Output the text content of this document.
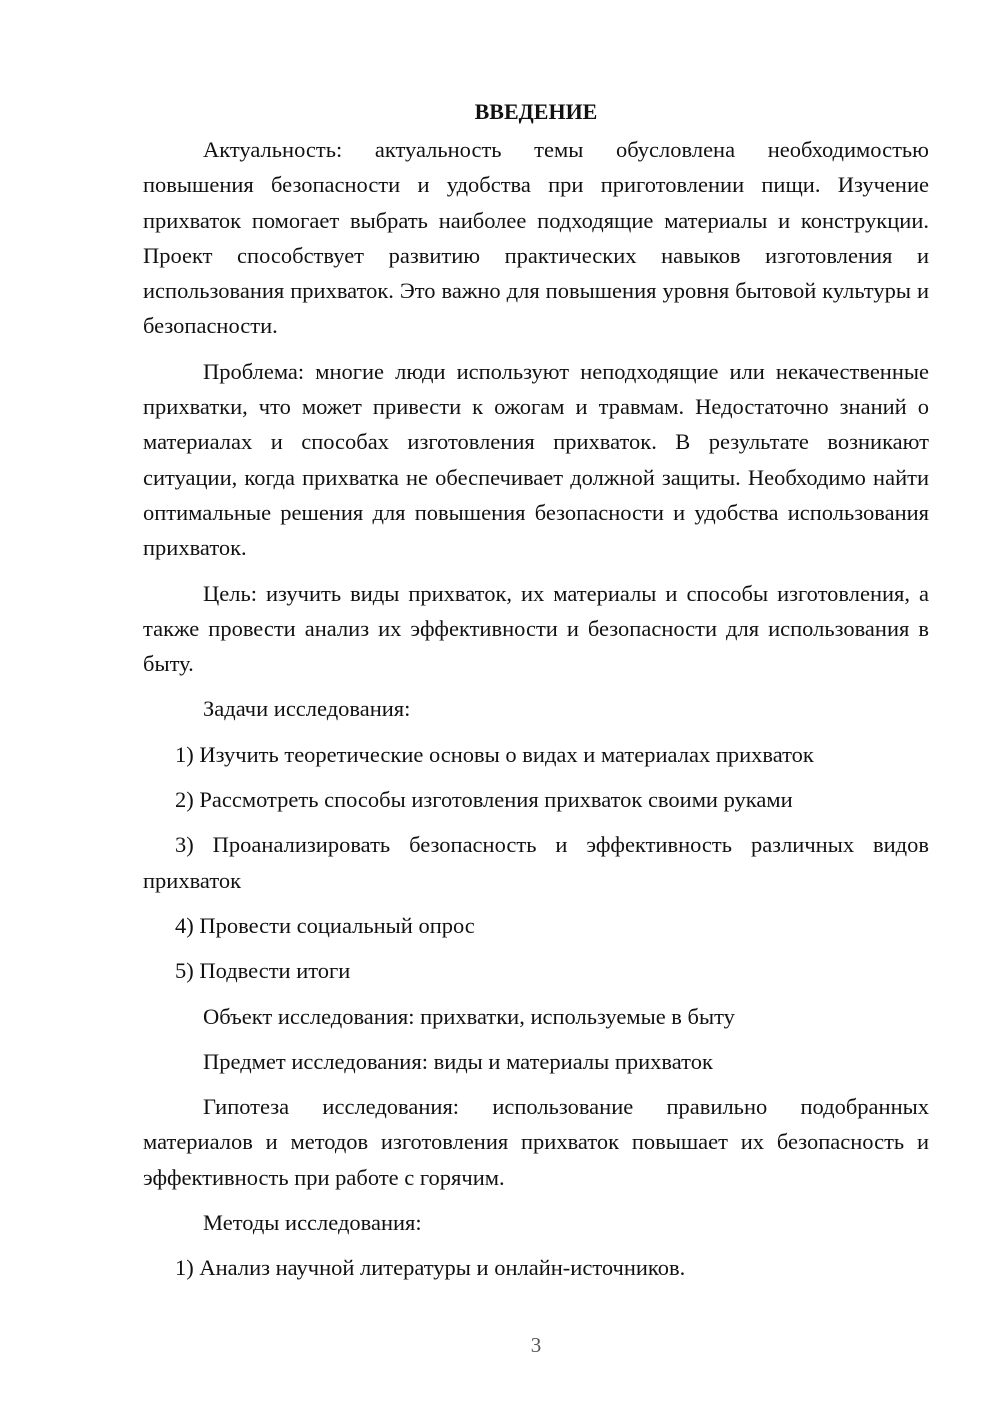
ВВЕДЕНИЕ

Актуальность: актуальность темы обусловлена необходимостью повышения безопасности и удобства при приготовлении пищи. Изучение прихваток помогает выбрать наиболее подходящие материалы и конструкции. Проект способствует развитию практических навыков изготовления и использования прихваток. Это важно для повышения уровня бытовой культуры и безопасности.

Проблема: многие люди используют неподходящие или некачественные прихватки, что может привести к ожогам и травмам. Недостаточно знаний о материалах и способах изготовления прихваток. В результате возникают ситуации, когда прихватка не обеспечивает должной защиты. Необходимо найти оптимальные решения для повышения безопасности и удобства использования прихваток.

Цель: изучить виды прихваток, их материалы и способы изготовления, а также провести анализ их эффективности и безопасности для использования в быту.

Задачи исследования:

1) Изучить теоретические основы о видах и материалах прихваток

2) Рассмотреть способы изготовления прихваток своими руками

3) Проанализировать безопасность и эффективность различных видов прихваток

4) Провести социальный опрос

5) Подвести итоги

Объект исследования: прихватки, используемые в быту

Предмет исследования: виды и материалы прихваток

Гипотеза исследования: использование правильно подобранных материалов и методов изготовления прихваток повышает их безопасность и эффективность при работе с горячим.

Методы исследования:

1) Анализ научной литературы и онлайн-источников.

3
